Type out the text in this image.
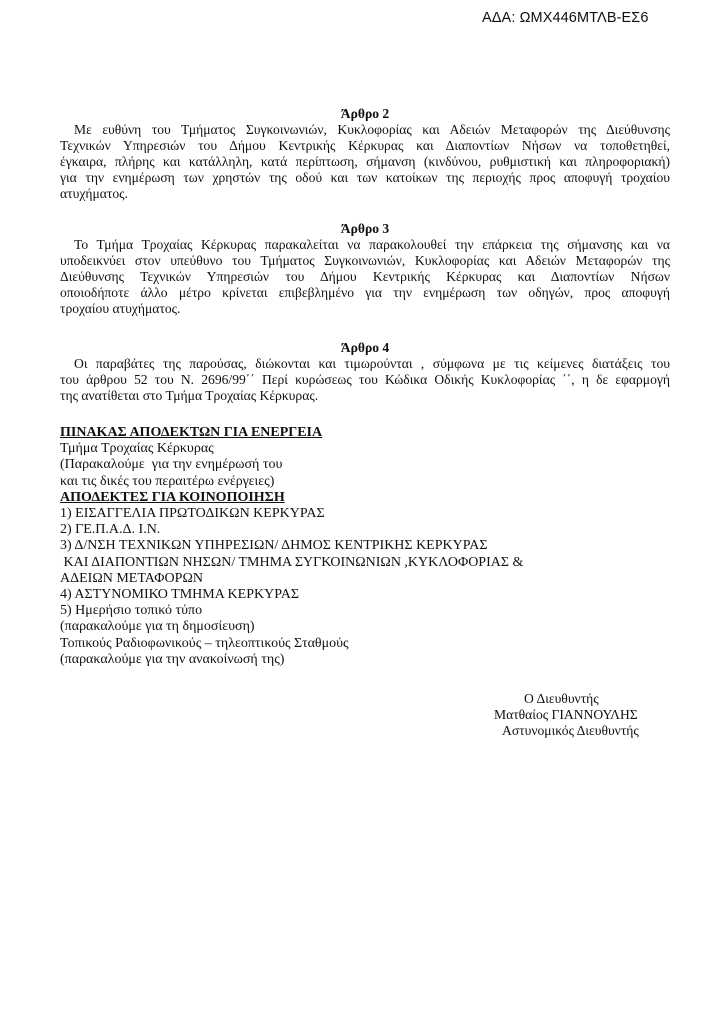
ΑΔΑ: ΩΜΧ446ΜΤΛΒ-ΕΣ6

Άρθρο 2

Με ευθύνη του Τμήματος Συγκοινωνιών, Κυκλοφορίας και Αδειών Μεταφορών της Διεύθυνσης
Τεχνικών Υπηρεσιών του Δήμου Κεντρικής Κέρκυρας και Διαποντίων Νήσων να τοποθετηθεί,
έγκαιρα, πλήρης και κατάλληλη, κατά περίπτωση, σήμανση (κινδύνου, ρυθμιστική και πληροφοριακή)
για την ενημέρωση των χρηστών της οδού και των κατοίκων της περιοχής προς αποφυγή τροχαίου
ατυχήματος.

Άρθρο 3

Το Τμήμα Τροχαίας Κέρκυρας παρακαλείται να παρακολουθεί την επάρκεια της σήμανσης και να
υποδεικνύει στον υπεύθυνο του Τμήματος Συγκοινωνιών, Κυκλοφορίας και Αδειών Μεταφορών της
Διεύθυνσης Τεχνικών Υπηρεσιών του Δήμου Κεντρικής Κέρκυρας και Διαποντίων Νήσων
οποιοδήποτε άλλο μέτρο κρίνεται επιβεβλημένο για την ενημέρωση των οδηγών, προς αποφυγή
τροχαίου ατυχήματος.

Άρθρο 4

Οι παραβάτες της παρούσας, διώκονται και τιμωρούνται , σύμφωνα με τις κείμενες διατάξεις του
του άρθρου 52 του Ν. 2696/99΄΄ Περί κυρώσεως του Κώδικα Οδικής Κυκλοφορίας ΄΄, η δε εφαρμογή
της ανατίθεται στο Τμήμα Τροχαίας Κέρκυρας.
ΠΙΝΑΚΑΣ ΑΠΟΔΕΚΤΩΝ ΓΙΑ ΕΝΕΡΓΕΙΑ
Τμήμα Τροχαίας Κέρκυρας
(Παρακαλούμε  για την ενημέρωσή του
και τις δικές του περαιτέρω ενέργειες)
ΑΠΟΔΕΚΤΕΣ ΓΙΑ ΚΟΙΝΟΠΟΙΗΣΗ
1) ΕΙΣΑΓΓΕΛΙΑ ΠΡΩΤΟΔΙΚΩΝ ΚΕΡΚΥΡΑΣ
2) ΓΕ.Π.Α.Δ. Ι.Ν.
3) Δ/ΝΣΗ ΤΕΧΝΙΚΩΝ ΥΠΗΡΕΣΙΩΝ/ ΔΗΜΟΣ ΚΕΝΤΡΙΚΗΣ ΚΕΡΚΥΡΑΣ
ΚΑΙ ΔΙΑΠΟΝΤΙΩΝ ΝΗΣΩΝ/ ΤΜΗΜΑ ΣΥΓΚΟΙΝΩΝΙΩΝ ,ΚΥΚΛΟΦΟΡΙΑΣ &
ΑΔΕΙΩΝ ΜΕΤΑΦΟΡΩΝ
4) ΑΣΤΥΝΟΜΙΚΟ ΤΜΗΜΑ ΚΕΡΚΥΡΑΣ
5) Ημερήσιο τοπικό τύπο
(παρακαλούμε για τη δημοσίευση)
Τοπικούς Ραδιοφωνικούς – τηλεοπτικούς Σταθμούς
(παρακαλούμε για την ανακοίνωσή της)
Ο Διευθυντής
Ματθαίος ΓΙΑΝΝΟΥΛΗΣ
Αστυνομικός Διευθυντής
